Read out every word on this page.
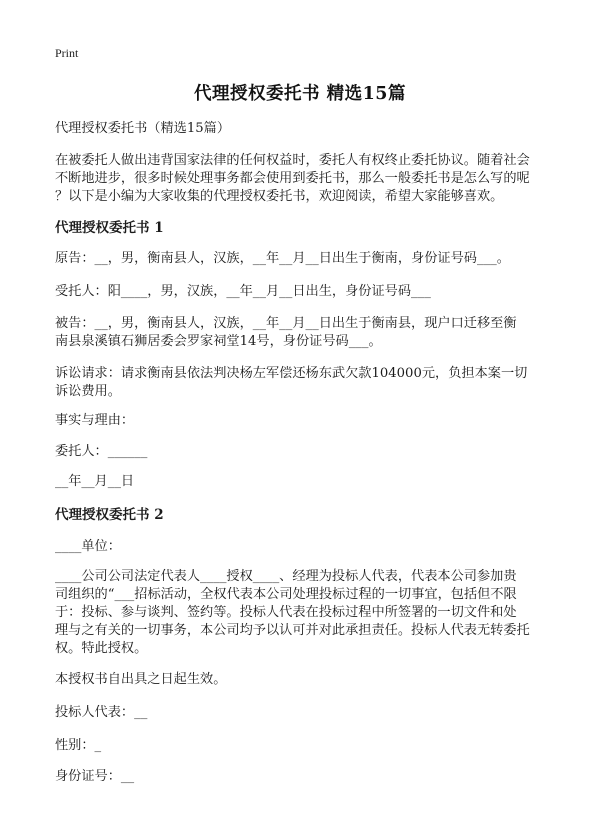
Print
代理授权委托书 精选15篇
代理授权委托书（精选15篇）
在被委托人做出违背国家法律的任何权益时，委托人有权终止委托协议。随着社会
不断地进步，很多时候处理事务都会使用到委托书，那么一般委托书是怎么写的呢
？以下是小编为大家收集的代理授权委托书，欢迎阅读，希望大家能够喜欢。
代理授权委托书 1
原告：__，男，衡南县人，汉族，__年__月__日出生于衡南，身份证号码___。
受托人：阳____，男，汉族，__年__月__日出生，身份证号码___
被告：__，男，衡南县人，汉族，__年__月__日出生于衡南县，现户口迁移至衡
南县泉溪镇石狮居委会罗家祠堂14号，身份证号码___。
诉讼请求：请求衡南县依法判决杨左军偿还杨东武欠款104000元，负担本案一切
诉讼费用。
事实与理由：
委托人：______
__年__月__日
代理授权委托书 2
____单位：
____公司公司法定代表人____授权____、经理为投标人代表，代表本公司参加贵
司组织的“___招标活动，全权代表本公司处理投标过程的一切事宜，包括但不限
于：投标、参与谈判、签约等。投标人代表在投标过程中所签署的一切文件和处
理与之有关的一切事务，本公司均予以认可并对此承担责任。投标人代表无转委托
权。特此授权。
本授权书自出具之日起生效。
投标人代表：__
性别：_
身份证号：__
